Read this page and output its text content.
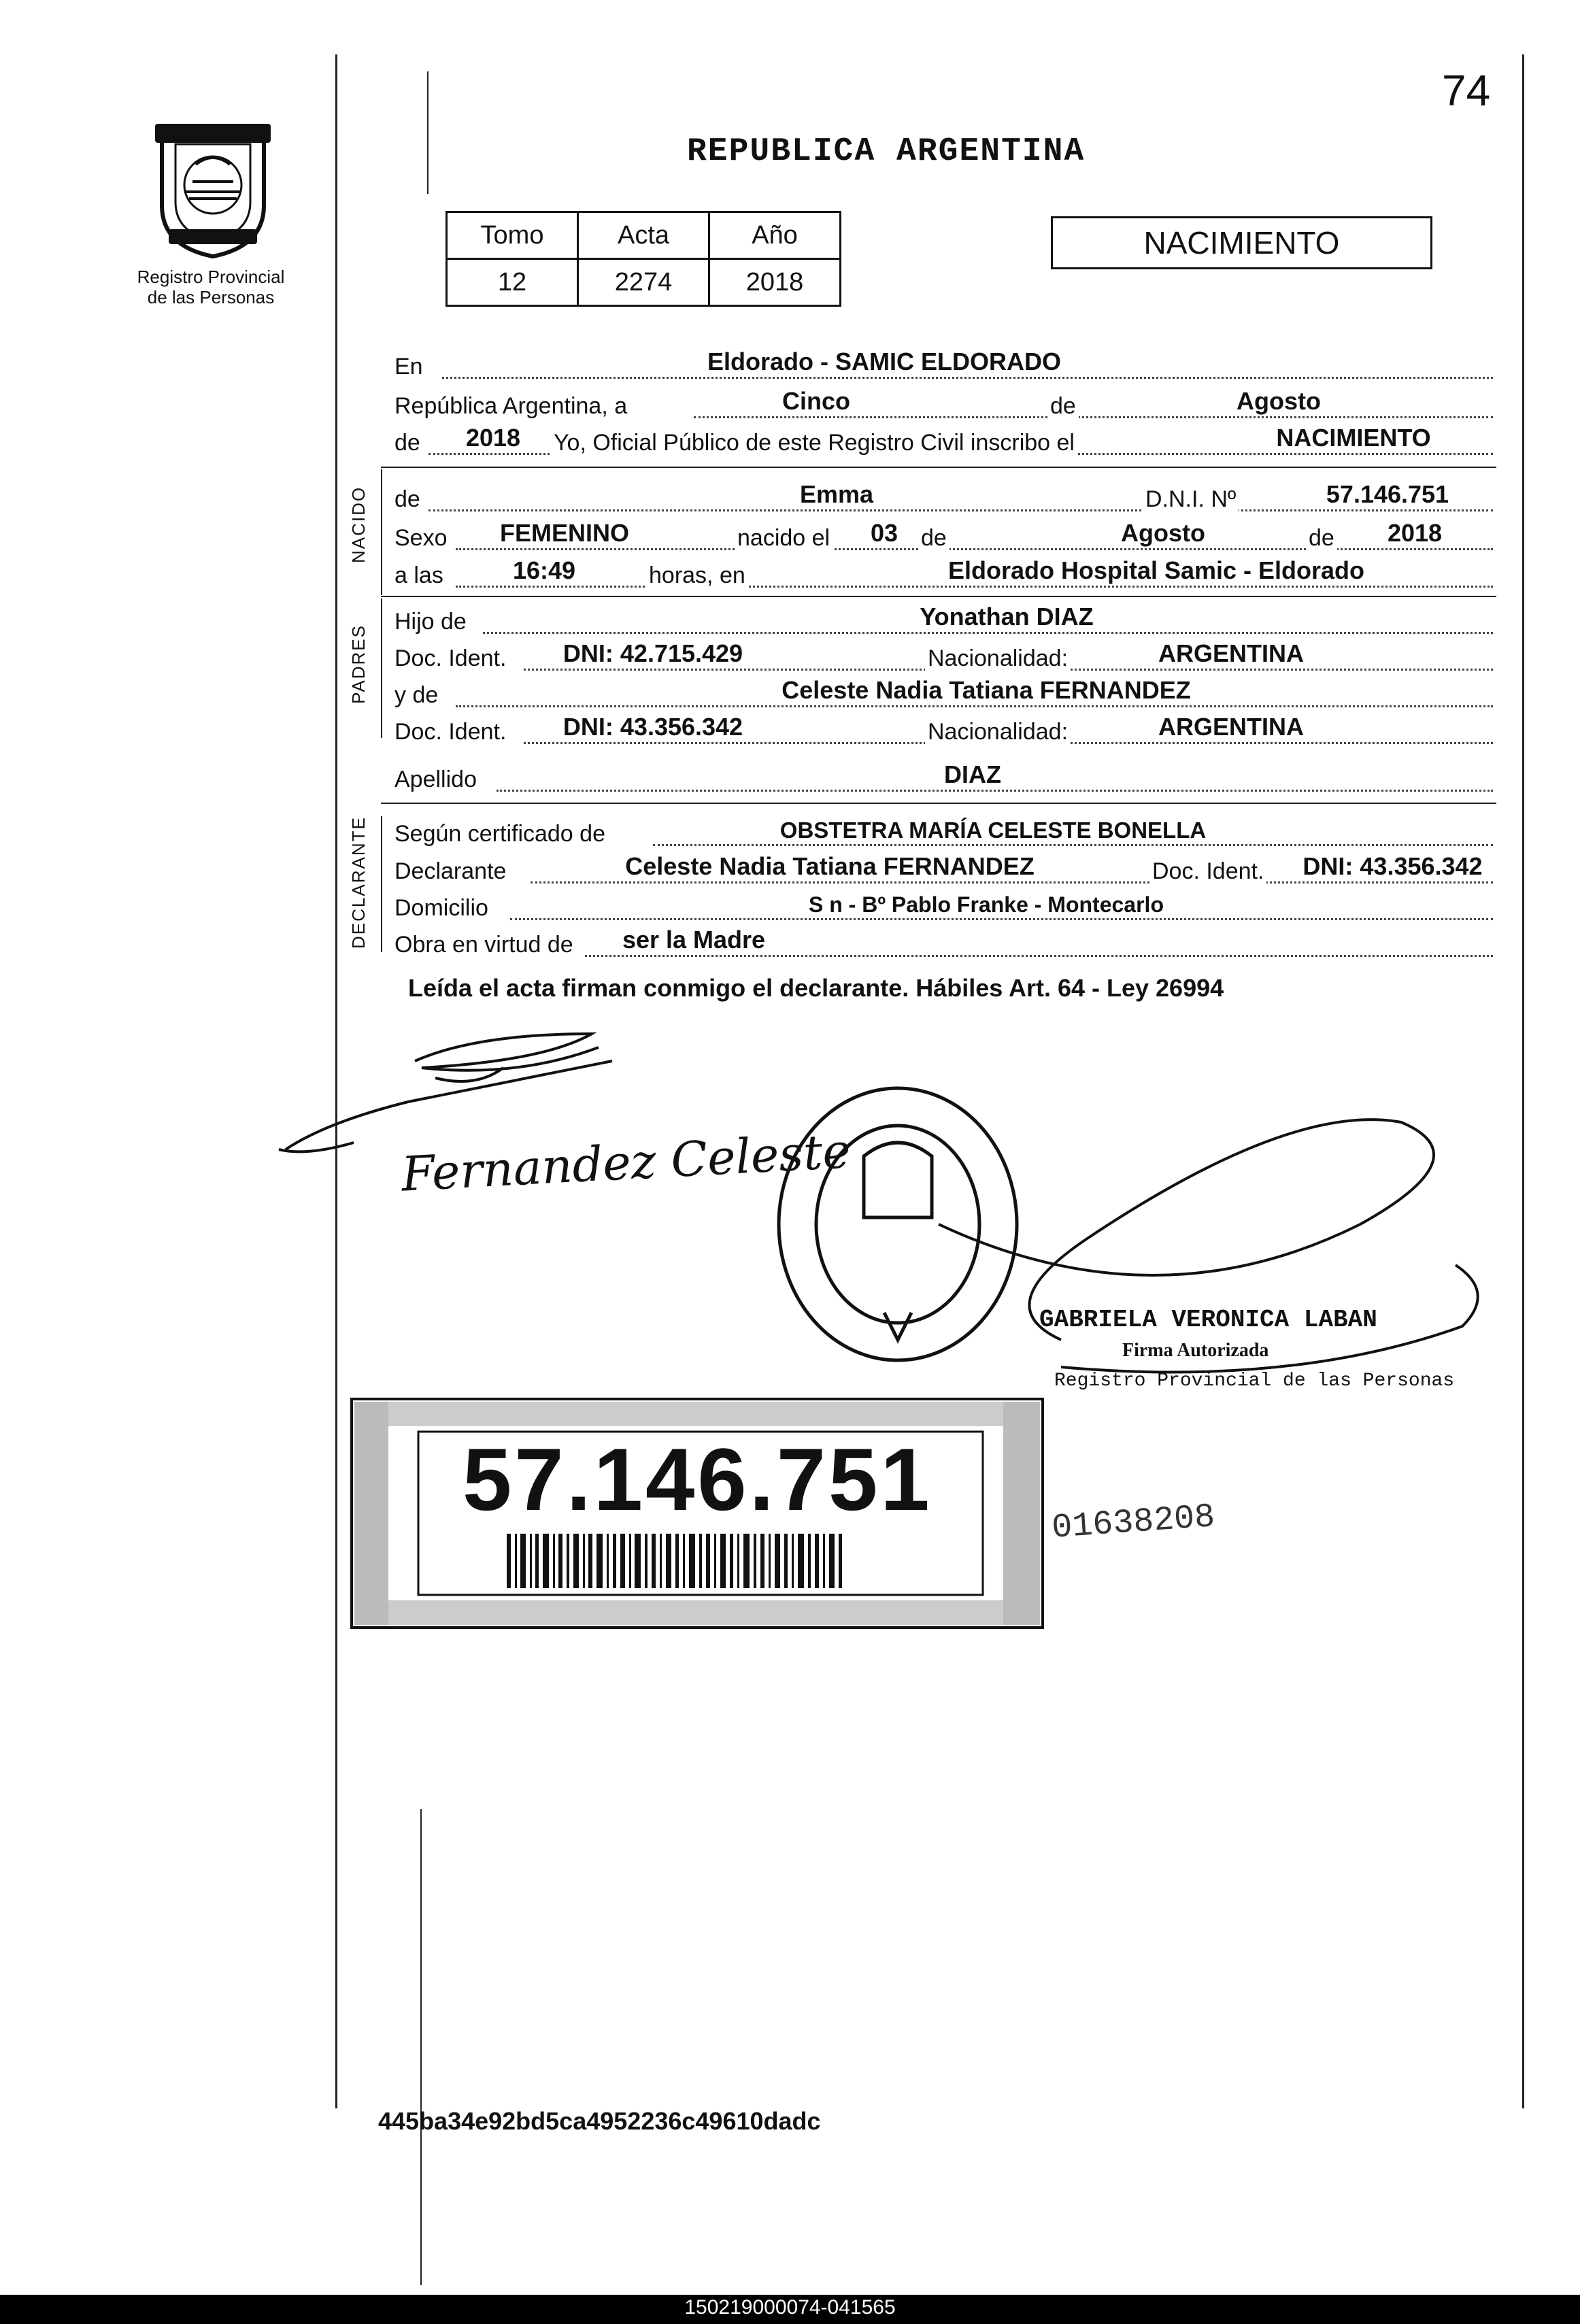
74
Registro Provincial
de las Personas
REPUBLICA ARGENTINA
Tomo	Acta	Año
12	2274	2018
NACIMIENTO
En	Eldorado - SAMIC ELDORADO
República Argentina, a	Cinco	de	Agosto
de	2018	Yo, Oficial Público de este Registro Civil inscribo el	NACIMIENTO
NACIDO de	Emma	D.N.I. Nº	57.146.751
Sexo	FEMENINO	nacido el	03 de	Agosto	de	2018
a las	16:49	horas, en	Eldorado Hospital Samic - Eldorado
PADRES
Hijo de	Yonathan DIAZ
Doc. Ident.	DNI: 42.715.429	Nacionalidad:	ARGENTINA
y de	Celeste Nadia Tatiana FERNANDEZ
Doc. Ident.	DNI: 43.356.342	Nacionalidad:	ARGENTINA
Apellido	DIAZ
DECLARANTE Según certificado de	OBSTETRA MARÍA CELESTE BONELLA
Declarante	Celeste Nadia Tatiana FERNANDEZ	Doc. Ident.	DNI: 43.356.342
Domicilio	S n - Bº Pablo Franke - Montecarlo
Obra en virtud de	ser la Madre
Leída el acta firman conmigo el declarante. Hábiles Art. 64 - Ley 26994
Fernandez Celeste
GABRIELA VERONICA LABAN
Firma Autorizada
Registro Provincial de las Personas
57.146.751	01638208
445ba34e92bd5ca4952236c49610dadc
150219000074-041565
